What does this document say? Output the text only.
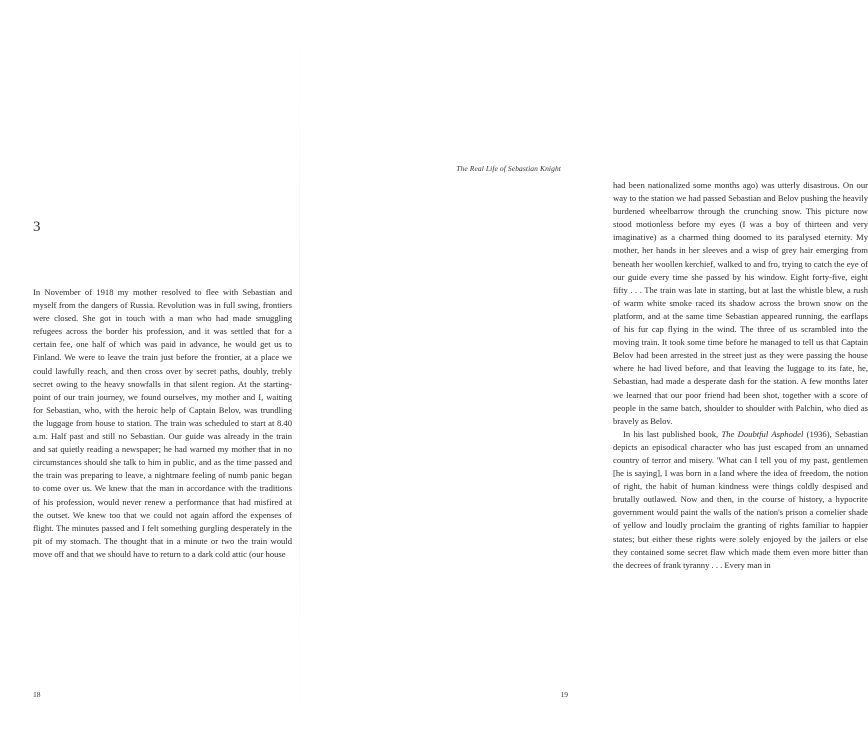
3

In November of 1918 my mother resolved to flee with Sebastian and myself from the dangers of Russia. Revolution was in full swing, frontiers were closed. She got in touch with a man who had made smuggling refugees across the border his profession, and it was settled that for a certain fee, one half of which was paid in advance, he would get us to Finland. We were to leave the train just before the frontier, at a place we could lawfully reach, and then cross over by secret paths, doubly, trebly secret owing to the heavy snowfalls in that silent region. At the starting-point of our train journey, we found ourselves, my mother and I, waiting for Sebastian, who, with the heroic help of Captain Belov, was trundling the luggage from house to station. The train was scheduled to start at 8.40 a.m. Half past and still no Sebastian. Our guide was already in the train and sat quietly reading a newspaper; he had warned my mother that in no circumstances should she talk to him in public, and as the time passed and the train was preparing to leave, a nightmare feeling of numb panic began to come over us. We knew that the man in accordance with the traditions of his profession, would never renew a performance that had misfired at the outset. We knew too that we could not again afford the expenses of flight. The minutes passed and I felt something gurgling desperately in the pit of my stomach. The thought that in a minute or two the train would move off and that we should have to return to a dark cold attic (our house

18
The Real Life of Sebastian Knight

had been nationalized some months ago) was utterly disastrous. On our way to the station we had passed Sebastian and Belov pushing the heavily burdened wheelbarrow through the crunching snow. This picture now stood motionless before my eyes (I was a boy of thirteen and very imaginative) as a charmed thing doomed to its paralysed eternity. My mother, her hands in her sleeves and a wisp of grey hair emerging from beneath her woollen kerchief, walked to and fro, trying to catch the eye of our guide every time she passed by his window. Eight forty-five, eight fifty . . . The train was late in starting, but at last the whistle blew, a rush of warm white smoke raced its shadow across the brown snow on the platform, and at the same time Sebastian appeared running, the earflaps of his fur cap flying in the wind. The three of us scrambled into the moving train. It took some time before he managed to tell us that Captain Belov had been arrested in the street just as they were passing the house where he had lived before, and that leaving the luggage to its fate, he, Sebastian, had made a desperate dash for the station. A few months later we learned that our poor friend had been shot, together with a score of people in the same batch, shoulder to shoulder with Palchin, who died as bravely as Belov.

In his last published book, The Doubtful Asphodel (1936), Sebastian depicts an episodical character who has just escaped from an unnamed country of terror and misery. 'What can I tell you of my past, gentlemen [he is saying], I was born in a land where the idea of freedom, the notion of right, the habit of human kindness were things coldly despised and brutally outlawed. Now and then, in the course of history, a hypocrite government would paint the walls of the nation's prison a comelier shade of yellow and loudly proclaim the granting of rights familiar to happier states; but either these rights were solely enjoyed by the jailers or else they contained some secret flaw which made them even more bitter than the decrees of frank tyranny . . . Every man in

19
